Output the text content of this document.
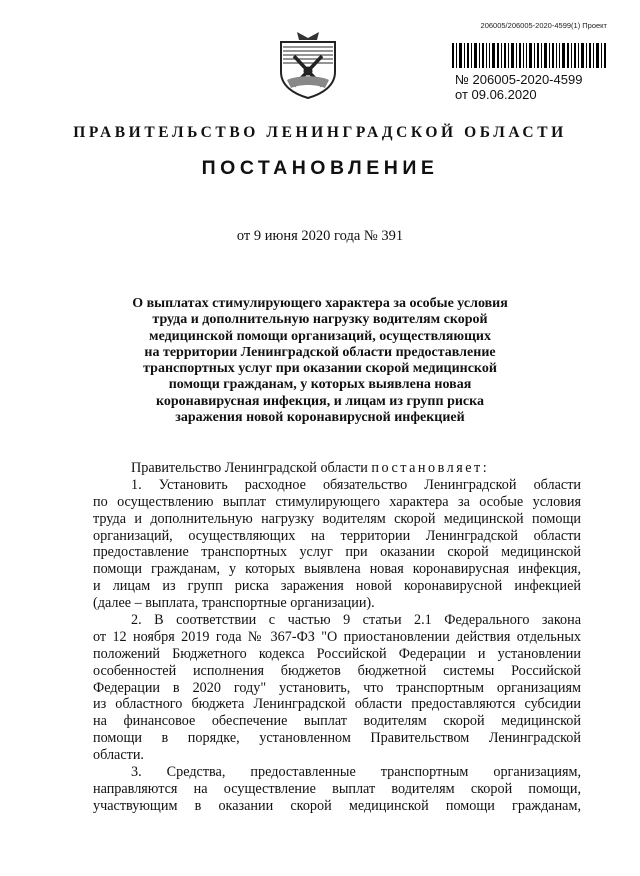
206005/206005-2020-4599(1) Проект
№ 206005-2020-4599
от 09.06.2020
ПРАВИТЕЛЬСТВО ЛЕНИНГРАДСКОЙ ОБЛАСТИ
ПОСТАНОВЛЕНИЕ
от 9 июня 2020 года № 391
О выплатах стимулирующего характера за особые условия
труда и дополнительную нагрузку водителям скорой
медицинской помощи организаций, осуществляющих
на территории Ленинградской области предоставление
транспортных услуг при оказании скорой медицинской
помощи гражданам, у которых выявлена новая
коронавирусная инфекция, и лицам из групп риска
заражения новой коронавирусной инфекцией
Правительство Ленинградской области постановляет:
1. Установить расходное обязательство Ленинградской области
по осуществлению выплат стимулирующего характера за особые условия
труда и дополнительную нагрузку водителям скорой медицинской помощи
организаций, осуществляющих на территории Ленинградской области
предоставление транспортных услуг при оказании скорой медицинской
помощи гражданам, у которых выявлена новая коронавирусная инфекция,
и лицам из групп риска заражения новой коронавирусной инфекцией
(далее – выплата, транспортные организации).
2. В соответствии с частью 9 статьи 2.1 Федерального закона
от 12 ноября 2019 года № 367-ФЗ "О приостановлении действия отдельных
положений Бюджетного кодекса Российской Федерации и установлении
особенностей исполнения бюджетов бюджетной системы Российской
Федерации в 2020 году" установить, что транспортным организациям
из областного бюджета Ленинградской области предоставляются субсидии
на финансовое обеспечение выплат водителям скорой медицинской
помощи в порядке, установленном Правительством Ленинградской
области.
3. Средства, предоставленные транспортным организациям,
направляются на осуществление выплат водителям скорой помощи,
участвующим в оказании скорой медицинской помощи гражданам,
